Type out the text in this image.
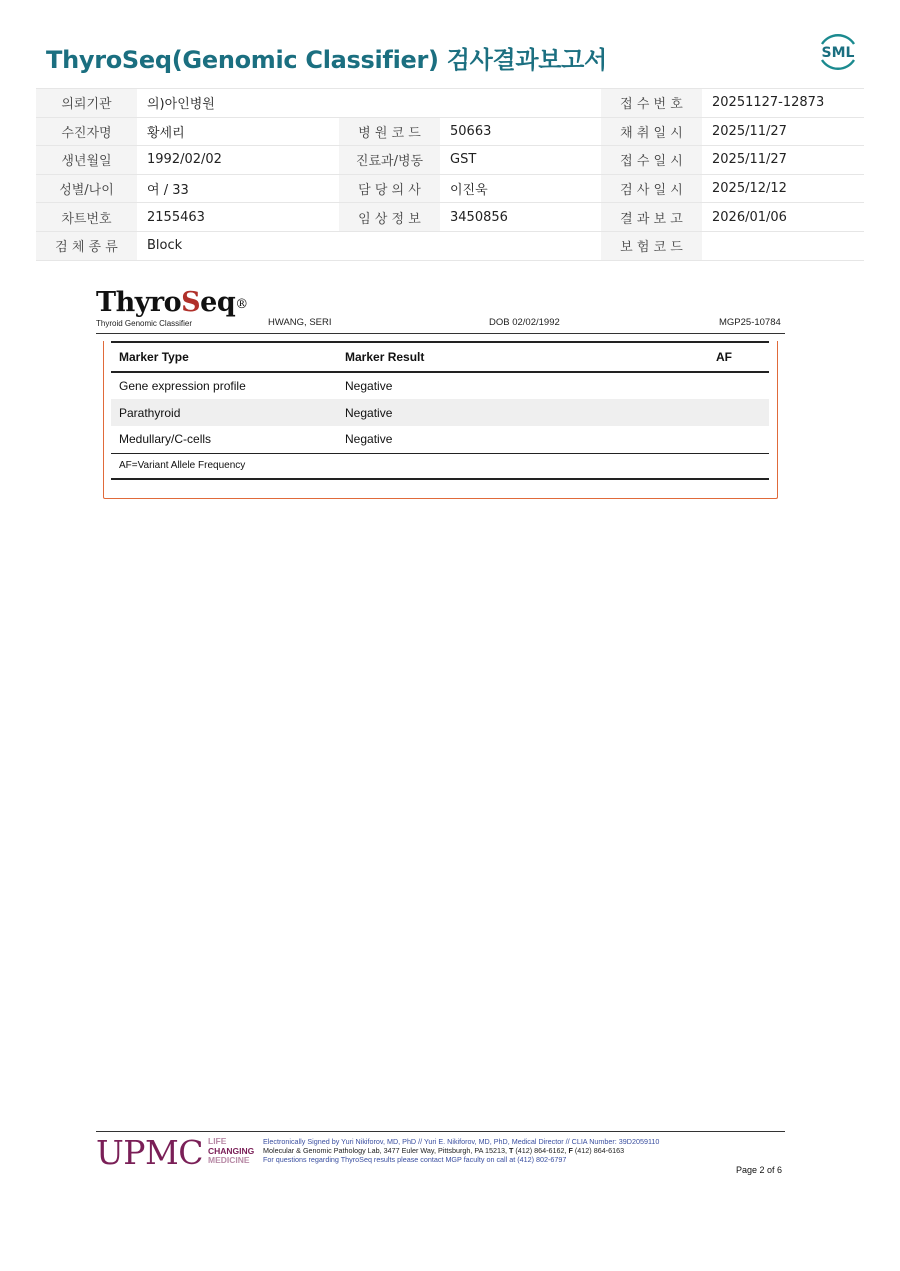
ThyroSeq(Genomic Classifier) 검사결과보고서	SML
의뢰기관	의)아인병원			접 수 번 호	20251127-12873
수진자명	황세리	병 원 코 드	50663	채 취 일 시	2025/11/27
생년월일	1992/02/02	진료과/병동	GST	접 수 일 시	2025/11/27
성별/나이	여 / 33	담 당 의 사	이진욱	검 사 일 시	2025/12/12
차트번호	2155463	임 상 정 보	3450856	결 과 보 고	2026/01/06
검 체 종 류	Block			보 험 코 드	
ThyroSeq®
Thyroid Genomic Classifier	HWANG, SERI	DOB 02/02/1992	MGP25-10784
Marker Type	Marker Result	AF
Gene expression profile	Negative	
Parathyroid	Negative	
Medullary/C-cells	Negative	
AF=Variant Allele Frequency		
UPMC LIFE
CHANGING
MEDICINE
Electronically Signed by Yuri Nikiforov, MD, PhD // Yuri E. Nikiforov, MD, PhD, Medical Director // CLIA Number: 39D2059110
Molecular & Genomic Pathology Lab, 3477 Euler Way, Pittsburgh, PA 15213, T (412) 864-6162, F (412) 864-6163
For questions regarding ThyroSeq results please contact MGP faculty on call at (412) 802-6797
Page 2 of 6
